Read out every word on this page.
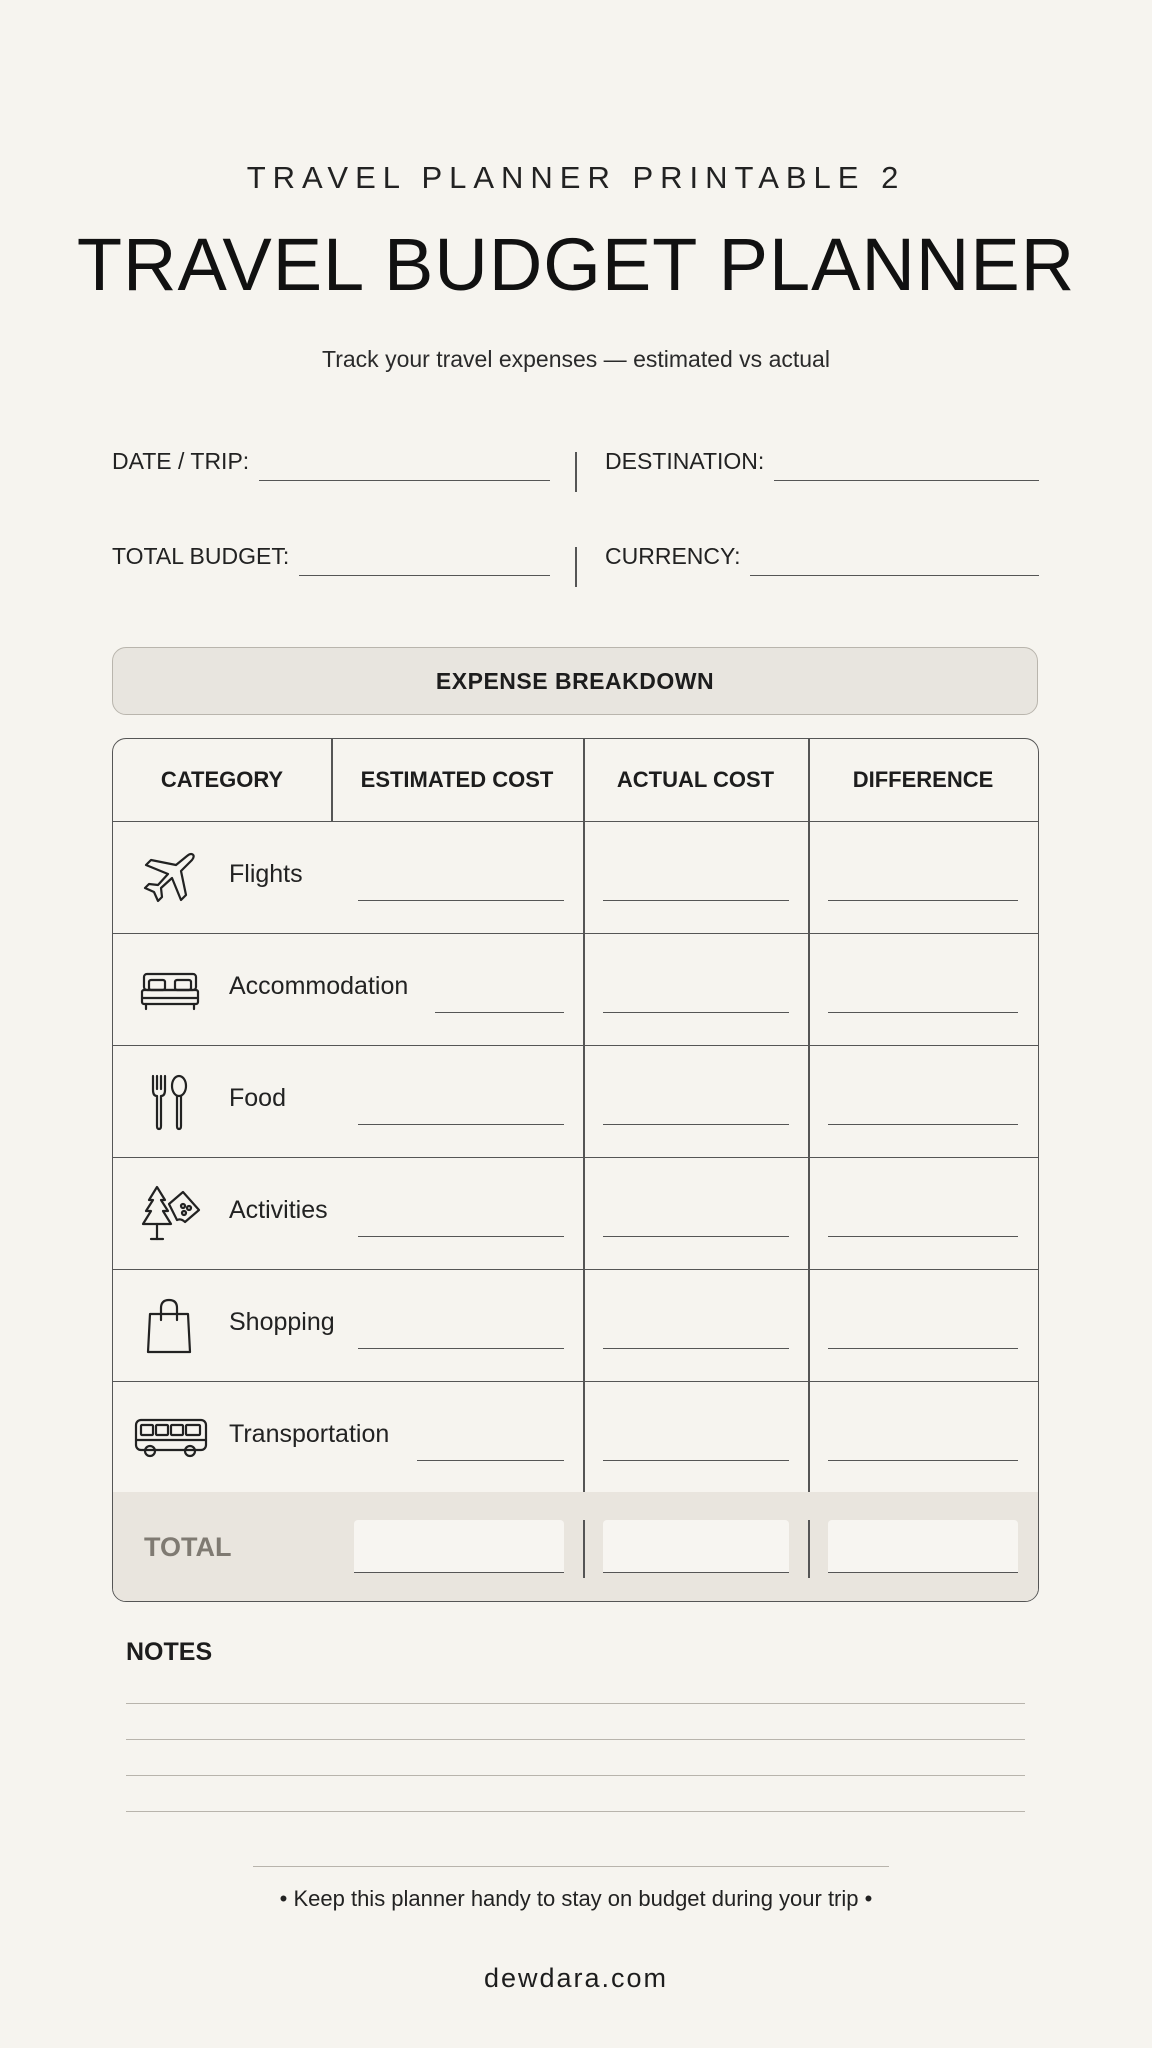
TRAVEL PLANNER PRINTABLE 2
TRAVEL BUDGET PLANNER
Track your travel expenses — estimated vs actual
DATE / TRIP:	DESTINATION:
TOTAL BUDGET:	CURRENCY:
EXPENSE BREAKDOWN
CATEGORY	ESTIMATED COST	ACTUAL COST	DIFFERENCE
Flights
Accommodation
Food
Activities
Shopping
Transportation
TOTAL
NOTES
• Keep this planner handy to stay on budget during your trip •
dewdara.com
